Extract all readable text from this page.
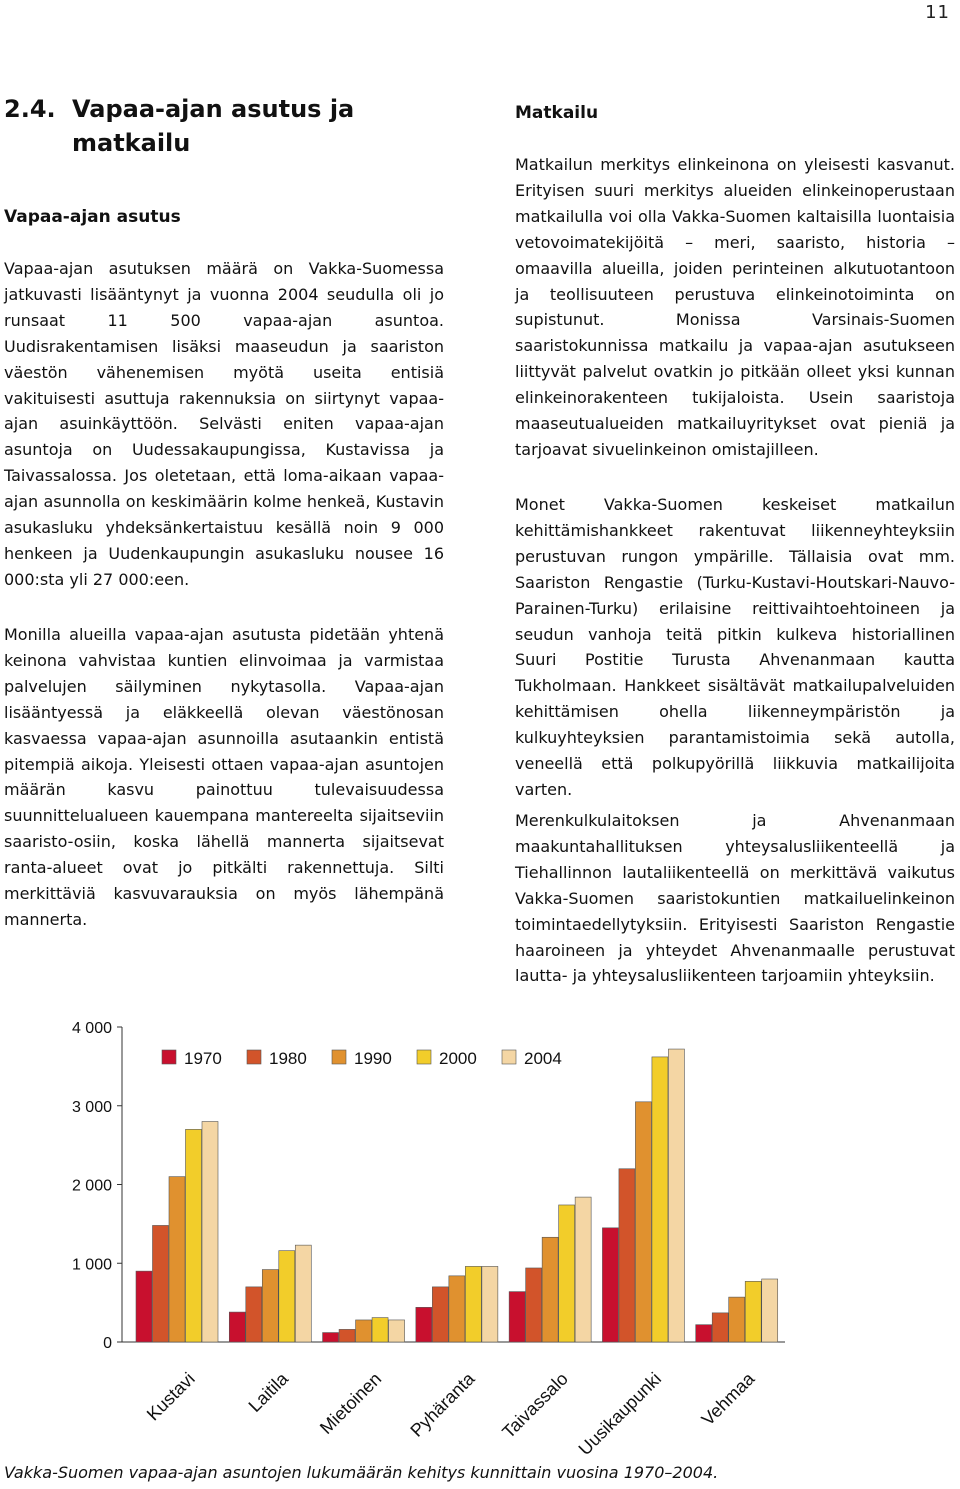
11
2.4. Vapaa-ajan asutus ja matkailu
Vapaa-ajan asutus

Vapaa-ajan asutuksen määrä on Vakka-Suomessa jatkuvasti lisääntynyt ja vuonna 2004 seudulla oli jo runsaat 11 500 vapaa-ajan asuntoa. Uudisrakentamisen lisäksi maaseudun ja saariston väestön vähenemisen myötä useita entisiä vakituisesti asuttuja rakennuksia on siirtynyt vapaa-ajan asuinkäyttöön. Selvästi eniten vapaa-ajan asuntoja on Uudessakaupungissa, Kustavissa ja Taivassalossa. Jos oletetaan, että loma-aikaan vapaa-ajan asunnolla on keskimäärin kolme henkeä, Kustavin asukasluku yhdeksänkertaistuu kesällä noin 9 000 henkeen ja Uudenkaupungin asukasluku nousee 16 000:sta yli 27 000:een.

Monilla alueilla vapaa-ajan asutusta pidetään yhtenä keinona vahvistaa kuntien elinvoimaa ja varmistaa palvelujen säilyminen nykytasolla. Vapaa-ajan lisääntyessä ja eläkkeellä olevan väestönosan kasvaessa vapaa-ajan asunnoilla asutaankin entistä pitempiä aikoja. Yleisesti ottaen vapaa-ajan asuntojen määrän kasvu painottuu tulevaisuudessa suunnittelualueen kauempana mantereelta sijaitseviin saaristo-osiin, koska lähellä mannerta sijaitsevat ranta-alueet ovat jo pitkälti rakennettuja. Silti merkittäviä kasvuvarauksia on myös lähempänä mannerta.

Matkailu

Matkailun merkitys elinkeinona on yleisesti kasvanut. Erityisen suuri merkitys alueiden elinkeinoperustaan matkailulla voi olla Vakka-Suomen kaltaisilla luontaisia vetovoimatekijöitä – meri, saaristo, historia – omaavilla alueilla, joiden perinteinen alkutuotantoon ja teollisuuteen perustuva elinkeinotoiminta on supistunut. Monissa Varsinais-Suomen saaristokunnissa matkailu ja vapaa-ajan asutukseen liittyvät palvelut ovatkin jo pitkään olleet yksi kunnan elinkeinorakenteen tukijaloista. Usein saaristoja maaseutualueiden matkailuyritykset ovat pieniä ja tarjoavat sivuelinkeinon omistajilleen.

Monet Vakka-Suomen keskeiset matkailun kehittämishankkeet rakentuvat liikenneyhteyksiin perustuvan rungon ympärille. Tällaisia ovat mm. Saariston Rengastie (Turku-Kustavi-Houtskari-Nauvo-Parainen-Turku) erilaisine reittivaihtoehtoineen ja seudun vanhoja teitä pitkin kulkeva historiallinen Suuri Postitie Turusta Ahvenanmaan kautta Tukholmaan. Hankkeet sisältävät matkailupalveluiden kehittämisen ohella liikenneympäristön ja kulkuyhteyksien parantamistoimia sekä autolla, veneellä että polkupyörillä liikkuvia matkailijoita varten.

Merenkulkulaitoksen ja Ahvenanmaan maakuntahallituksen yhteysalusliikenteellä ja Tiehallinnon lautaliikenteellä on merkittävä vaikutus Vakka-Suomen saaristokuntien matkailuelinkeinon toimintaedellytyksiin. Erityisesti Saariston Rengastie haaroineen ja yhteydet Ahvenanmaalle perustuvat lautta- ja yhteysalusliikenteen tarjoamiin yhteyksiin.

0
1 000
2 000
3 000
4 000
Kustavi	Laitila Mietoinen Pyhäranta Taivassalo Uusikaupunki Vehmaa
1970	1980	1990	2000	2004
Vakka-Suomen vapaa-ajan asuntojen lukumäärän kehitys kunnittain vuosina 1970–2004.
